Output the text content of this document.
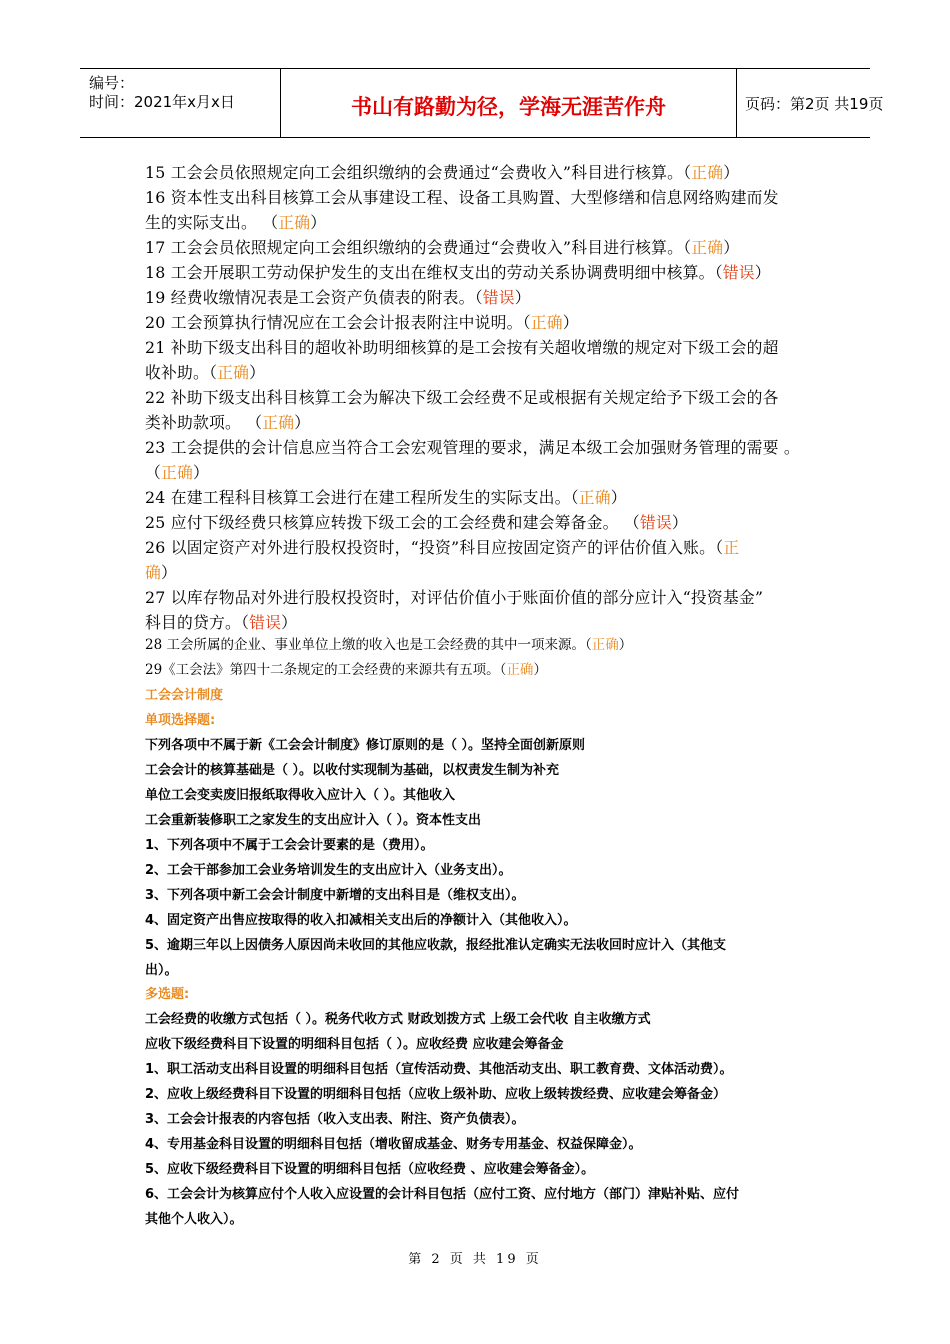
编号：
时间：2021年x月x日	书山有路勤为径，学海无涯苦作舟	页码：第2页 共19页
15 工会会员依照规定向工会组织缴纳的会费通过“会费收入”科目进行核算。（正确）
16 资本性支出科目核算工会从事建设工程、设备工具购置、大型修缮和信息网络购建而发
生的实际支出。 （正确）
17 工会会员依照规定向工会组织缴纳的会费通过“会费收入”科目进行核算。（正确）
18 工会开展职工劳动保护发生的支出在维权支出的劳动关系协调费明细中核算。（错误）
19 经费收缴情况表是工会资产负债表的附表。（错误）
20 工会预算执行情况应在工会会计报表附注中说明。（正确）
21 补助下级支出科目的超收补助明细核算的是工会按有关超收增缴的规定对下级工会的超
收补助。（正确）
22 补助下级支出科目核算工会为解决下级工会经费不足或根据有关规定给予下级工会的各
类补助款项。 （正确）
23 工会提供的会计信息应当符合工会宏观管理的要求，满足本级工会加强财务管理的需要 。
（正确）
24 在建工程科目核算工会进行在建工程所发生的实际支出。（正确）
25 应付下级经费只核算应转拨下级工会的工会经费和建会筹备金。 （错误）
26 以固定资产对外进行股权投资时，“投资”科目应按固定资产的评估价值入账。（正
确）
27 以库存物品对外进行股权投资时，对评估价值小于账面价值的部分应计入“投资基金”
科目的贷方。（错误）
28 工会所属的企业、事业单位上缴的收入也是工会经费的其中一项来源。（正确）
29《工会法》第四十二条规定的工会经费的来源共有五项。（正确）
工会会计制度
单项选择题:
下列各项中不属于新《工会会计制度》修订原则的是（ ）。坚持全面创新原则
工会会计的核算基础是（ ）。以收付实现制为基础，以权责发生制为补充
单位工会变卖废旧报纸取得收入应计入（ ）。其他收入
工会重新装修职工之家发生的支出应计入（ ）。资本性支出
1、下列各项中不属于工会会计要素的是（费用）。
2、工会干部参加工会业务培训发生的支出应计入（业务支出）。
3、下列各项中新工会会计制度中新增的支出科目是（维权支出）。
4、固定资产出售应按取得的收入扣减相关支出后的净额计入（其他收入）。
5、逾期三年以上因债务人原因尚未收回的其他应收款，报经批准认定确实无法收回时应计入（其他支
出）。
多选题:
工会经费的收缴方式包括（ ）。税务代收方式 财政划拨方式 上级工会代收 自主收缴方式
应收下级经费科目下设置的明细科目包括（ ）。应收经费 应收建会筹备金
1、职工活动支出科目设置的明细科目包括（宣传活动费、其他活动支出、职工教育费、文体活动费）。
2、应收上级经费科目下设置的明细科目包括（应收上级补助、应收上级转拨经费、应收建会筹备金）
3、工会会计报表的内容包括（收入支出表、附注、资产负债表）。
4、专用基金科目设置的明细科目包括（增收留成基金、财务专用基金、权益保障金）。
5、应收下级经费科目下设置的明细科目包括（应收经费 、应收建会筹备金）。
6、工会会计为核算应付个人收入应设置的会计科目包括（应付工资、应付地方（部门）津贴补贴、应付
其他个人收入）。
第 2 页 共 19 页
